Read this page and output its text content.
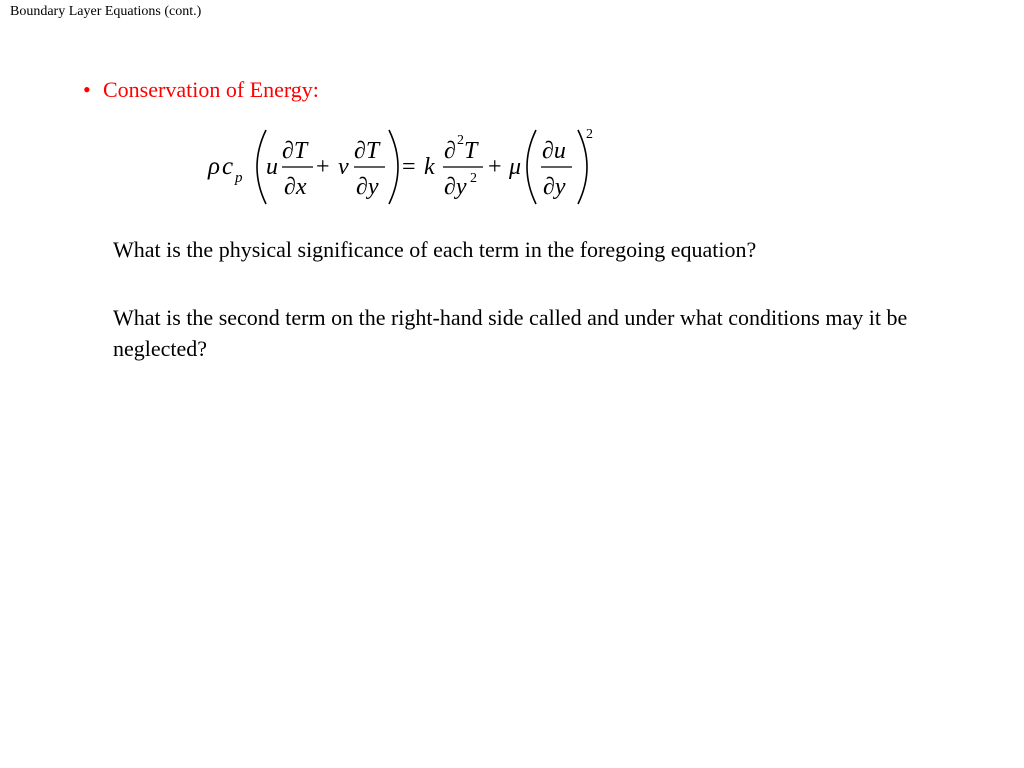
Boundary Layer Equations (cont.)
• Conservation of Energy:
ρ c p u
∂T
∂x
+ v
∂T
∂y
= k
∂ 2 T
∂y 2 + μ
∂u
∂y
2
What is the physical significance of each term in the foregoing equation?
What is the second term on the right-hand side called and under what conditions may it be neglected?
